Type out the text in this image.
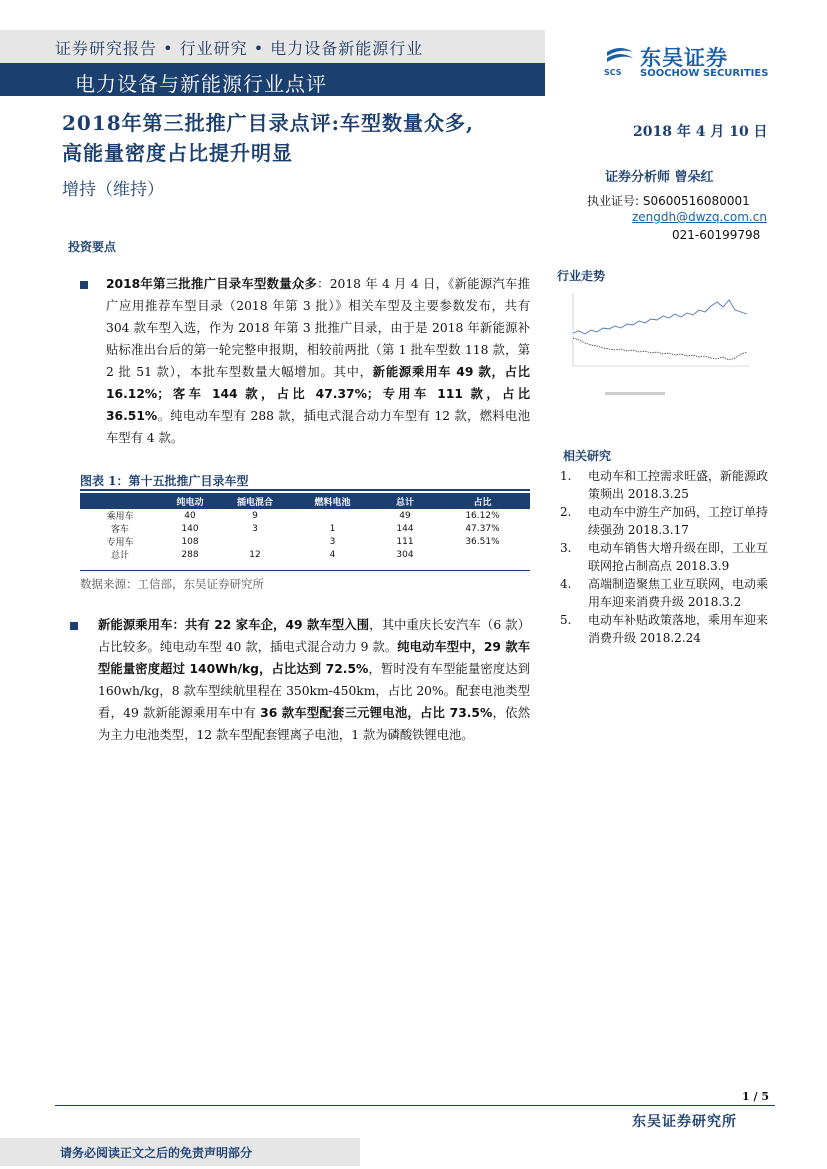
证券研究报告 • 行业研究 • 电力设备新能源行业
电力设备与新能源行业点评	SCS
东吴证券
SOOCHOW SECURITIES
2018年第三批推广目录点评:车型数量众多,
高能量密度占比提升明显
2018 年 4 月 10 日
增持（维持）
证券分析师 曾朵红
执业证号: S0600516080001
zengdh@dwzq.com.cn
021-60199798
投资要点
行业走势
相关研究
2018年第三批推广目录车型数量众多：2018 年 4 月 4 日，《新能源汽车推广应用推荐车型目录（2018 年第 3 批）》相关车型及主要参数发布，共有 304 款车型入选，作为 2018 年第 3 批推广目录，由于是 2018 年新能源补贴标准出台后的第一轮完整申报期，相较前两批（第 1 批车型数 118 款，第 2 批 51 款），本批车型数量大幅增加。其中，新能源乘用车 49 款，占比 16.12%；客车 144 款，占比 47.37%；专用车 111 款，占比 36.51%。纯电动车型有 288 款，插电式混合动力车型有 12 款，燃料电池车型有 4 款。
图表 1：第十五批推广目录车型
	纯电动	插电混合	燃料电池	总计	占比
乘用车	40	9		49	16.12%
客车	140	3	1	144	47.37%
专用车	108		3	111	36.51%
总计	288	12	4	304	
数据来源：工信部，东吴证券研究所
新能源乘用车：共有 22 家车企，49 款车型入围，其中重庆长安汽车（6 款）占比较多。纯电动车型 40 款，插电式混合动力 9 款。纯电动车型中，29 款车型能量密度超过 140Wh/kg，占比达到 72.5%，暂时没有车型能量密度达到 160wh/kg，8 款车型续航里程在 350km-450km，占比 20%。配套电池类型看，49 款新能源乘用车中有 36 款车型配套三元锂电池，占比 73.5%，依然为主力电池类型，12 款车型配套锂离子电池，1 款为磷酸铁锂电池。
1. 电动车和工控需求旺盛，新能源政策频出 2018.3.25
2. 电动车中游生产加码，工控订单持续强劲 2018.3.17
3. 电动车销售大增升级在即，工业互联网抢占制高点 2018.3.9
4. 高端制造聚焦工业互联网，电动乘用车迎来消费升级 2018.3.2
5. 电动车补贴政策落地，乘用车迎来消费升级 2018.2.24
1 / 5
东吴证券研究所
请务必阅读正文之后的免责声明部分
